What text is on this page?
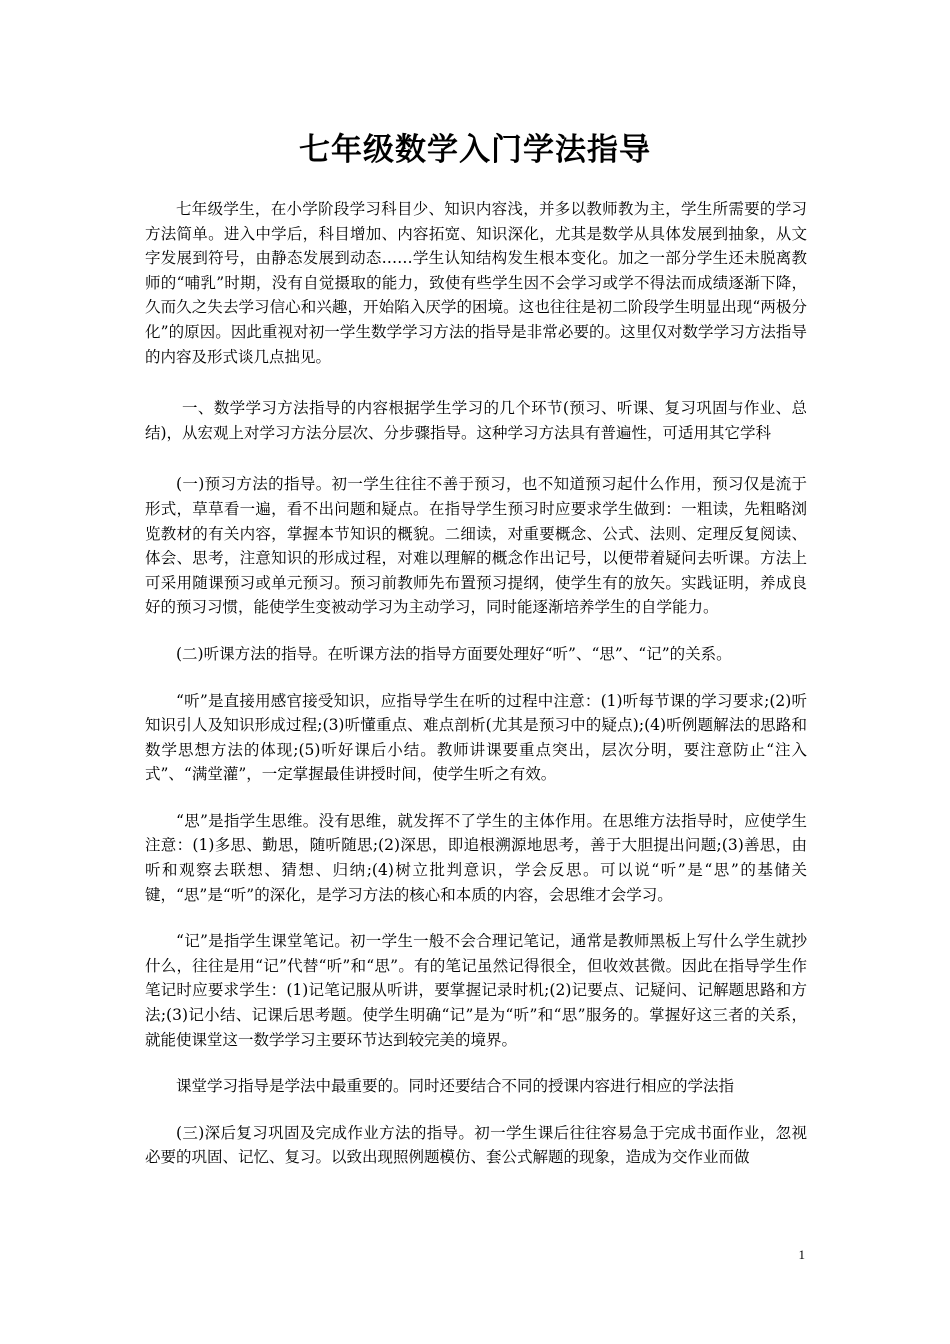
七年级数学入门学法指导

七年级学生，在小学阶段学习科目少、知识内容浅，并多以教师教为主，学生所需要的学习方法简单。进入中学后，科目增加、内容拓宽、知识深化，尤其是数学从具体发展到抽象，从文字发展到符号，由静态发展到动态……学生认知结构发生根本变化。加之一部分学生还未脱离教师的“哺乳”时期，没有自觉摄取的能力，致使有些学生因不会学习或学不得法而成绩逐渐下降，久而久之失去学习信心和兴趣，开始陷入厌学的困境。这也往往是初二阶段学生明显出现“两极分化”的原因。因此重视对初一学生数学学习方法的指导是非常必要的。这里仅对数学学习方法指导的内容及形式谈几点拙见。

一、数学学习方法指导的内容根据学生学习的几个环节(预习、听课、复习巩固与作业、总结)，从宏观上对学习方法分层次、分步骤指导。这种学习方法具有普遍性，可适用其它学科

(一)预习方法的指导。初一学生往往不善于预习，也不知道预习起什么作用，预习仅是流于形式，草草看一遍，看不出问题和疑点。在指导学生预习时应要求学生做到：一粗读，先粗略浏览教材的有关内容，掌握本节知识的概貌。二细读，对重要概念、公式、法则、定理反复阅读、体会、思考，注意知识的形成过程，对难以理解的概念作出记号，以便带着疑问去听课。方法上可采用随课预习或单元预习。预习前教师先布置预习提纲，使学生有的放矢。实践证明，养成良好的预习习惯，能使学生变被动学习为主动学习，同时能逐渐培养学生的自学能力。

(二)听课方法的指导。在听课方法的指导方面要处理好“听”、“思”、“记”的关系。

“听”是直接用感官接受知识，应指导学生在听的过程中注意：(1)听每节课的学习要求;(2)听知识引人及知识形成过程;(3)听懂重点、难点剖析(尤其是预习中的疑点);(4)听例题解法的思路和数学思想方法的体现;(5)听好课后小结。教师讲课要重点突出，层次分明，要注意防止“注入式”、“满堂灌”，一定掌握最佳讲授时间，使学生听之有效。

“思”是指学生思维。没有思维，就发挥不了学生的主体作用。在思维方法指导时，应使学生注意：(1)多思、勤思，随听随思;(2)深思，即追根溯源地思考，善于大胆提出问题;(3)善思，由听和观察去联想、猜想、归纳;(4)树立批判意识，学会反思。可以说“听”是“思”的基储关键，“思”是“听”的深化，是学习方法的核心和本质的内容，会思维才会学习。

“记”是指学生课堂笔记。初一学生一般不会合理记笔记，通常是教师黑板上写什么学生就抄什么，往往是用“记”代替“听”和“思”。有的笔记虽然记得很全，但收效甚微。因此在指导学生作笔记时应要求学生：(1)记笔记服从听讲，要掌握记录时机;(2)记要点、记疑问、记解题思路和方法;(3)记小结、记课后思考题。使学生明确“记”是为“听”和“思”服务的。掌握好这三者的关系，就能使课堂这一数学学习主要环节达到较完美的境界。

课堂学习指导是学法中最重要的。同时还要结合不同的授课内容进行相应的学法指

(三)深后复习巩固及完成作业方法的指导。初一学生课后往往容易急于完成书面作业，忽视必要的巩固、记忆、复习。以致出现照例题模仿、套公式解题的现象，造成为交作业而做

1
